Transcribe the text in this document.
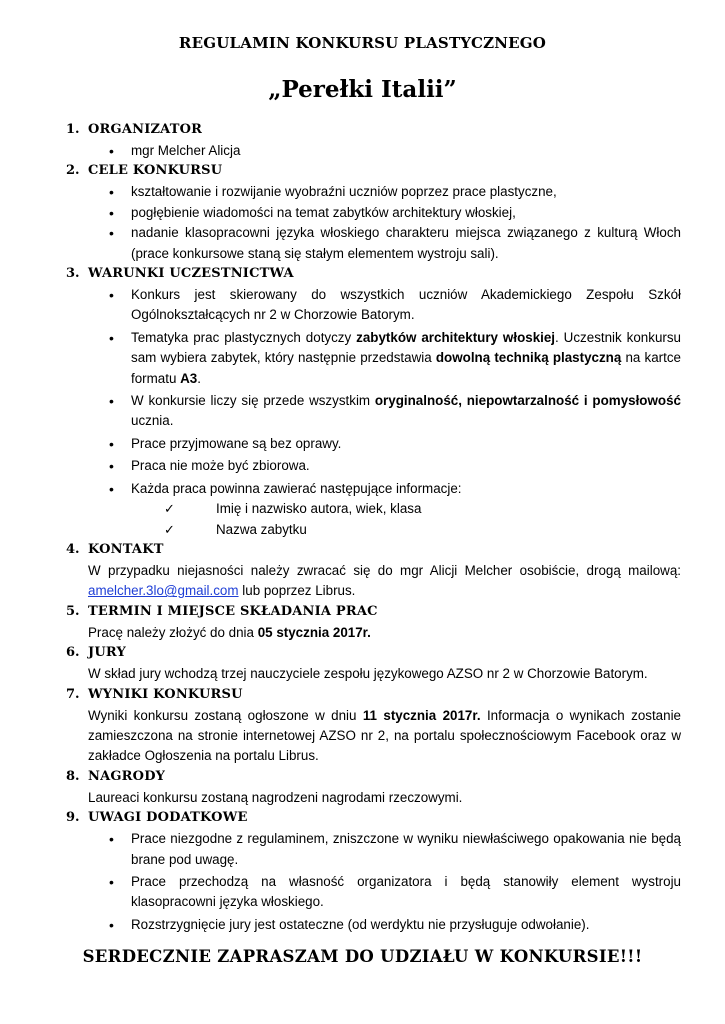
REGULAMIN KONKURSU PLASTYCZNEGO
„Perełki Italii”
1. ORGANIZATOR
• mgr Melcher Alicja
2. CELE KONKURSU
• kształtowanie i rozwijanie wyobraźni uczniów poprzez prace plastyczne,
• pogłębienie wiadomości na temat zabytków architektury włoskiej,
• nadanie klasopracowni języka włoskiego charakteru miejsca związanego z kulturą Włoch (prace konkursowe staną się stałym elementem wystroju sali).
3. WARUNKI UCZESTNICTWA
• Konkurs jest skierowany do wszystkich uczniów Akademickiego Zespołu Szkół Ogólnokształcących nr 2 w Chorzowie Batorym.
• Tematyka prac plastycznych dotyczy zabytków architektury włoskiej. Uczestnik konkursu sam wybiera zabytek, który następnie przedstawia dowolną techniką plastyczną na kartce formatu A3.
• W konkursie liczy się przede wszystkim oryginalność, niepowtarzalność i pomysłowość ucznia.
• Prace przyjmowane są bez oprawy.
• Praca nie może być zbiorowa.
• Każda praca powinna zawierać następujące informacje:
✓	Imię i nazwisko autora, wiek, klasa
✓	Nazwa zabytku
4. KONTAKT
W przypadku niejasności należy zwracać się do mgr Alicji Melcher osobiście, drogą mailową: amelcher.3lo@gmail.com lub poprzez Librus.
5. TERMIN I MIEJSCE SKŁADANIA PRAC
Pracę należy złożyć do dnia 05 stycznia 2017r.
6. JURY
W skład jury wchodzą trzej nauczyciele zespołu językowego AZSO nr 2 w Chorzowie Batorym.
7. WYNIKI KONKURSU
Wyniki konkursu zostaną ogłoszone w dniu 11 stycznia 2017r. Informacja o wynikach zostanie zamieszczona na stronie internetowej AZSO nr 2, na portalu społecznościowym Facebook oraz w zakładce Ogłoszenia na portalu Librus.
8. NAGRODY
Laureaci konkursu zostaną nagrodzeni nagrodami rzeczowymi.
9. UWAGI DODATKOWE
• Prace niezgodne z regulaminem, zniszczone w wyniku niewłaściwego opakowania nie będą brane pod uwagę.
• Prace przechodzą na własność organizatora i będą stanowiły element wystroju klasopracowni języka włoskiego.
• Rozstrzygnięcie jury jest ostateczne (od werdyktu nie przysługuje odwołanie).
SERDECZNIE ZAPRASZAM DO UDZIAŁU W KONKURSIE!!!
